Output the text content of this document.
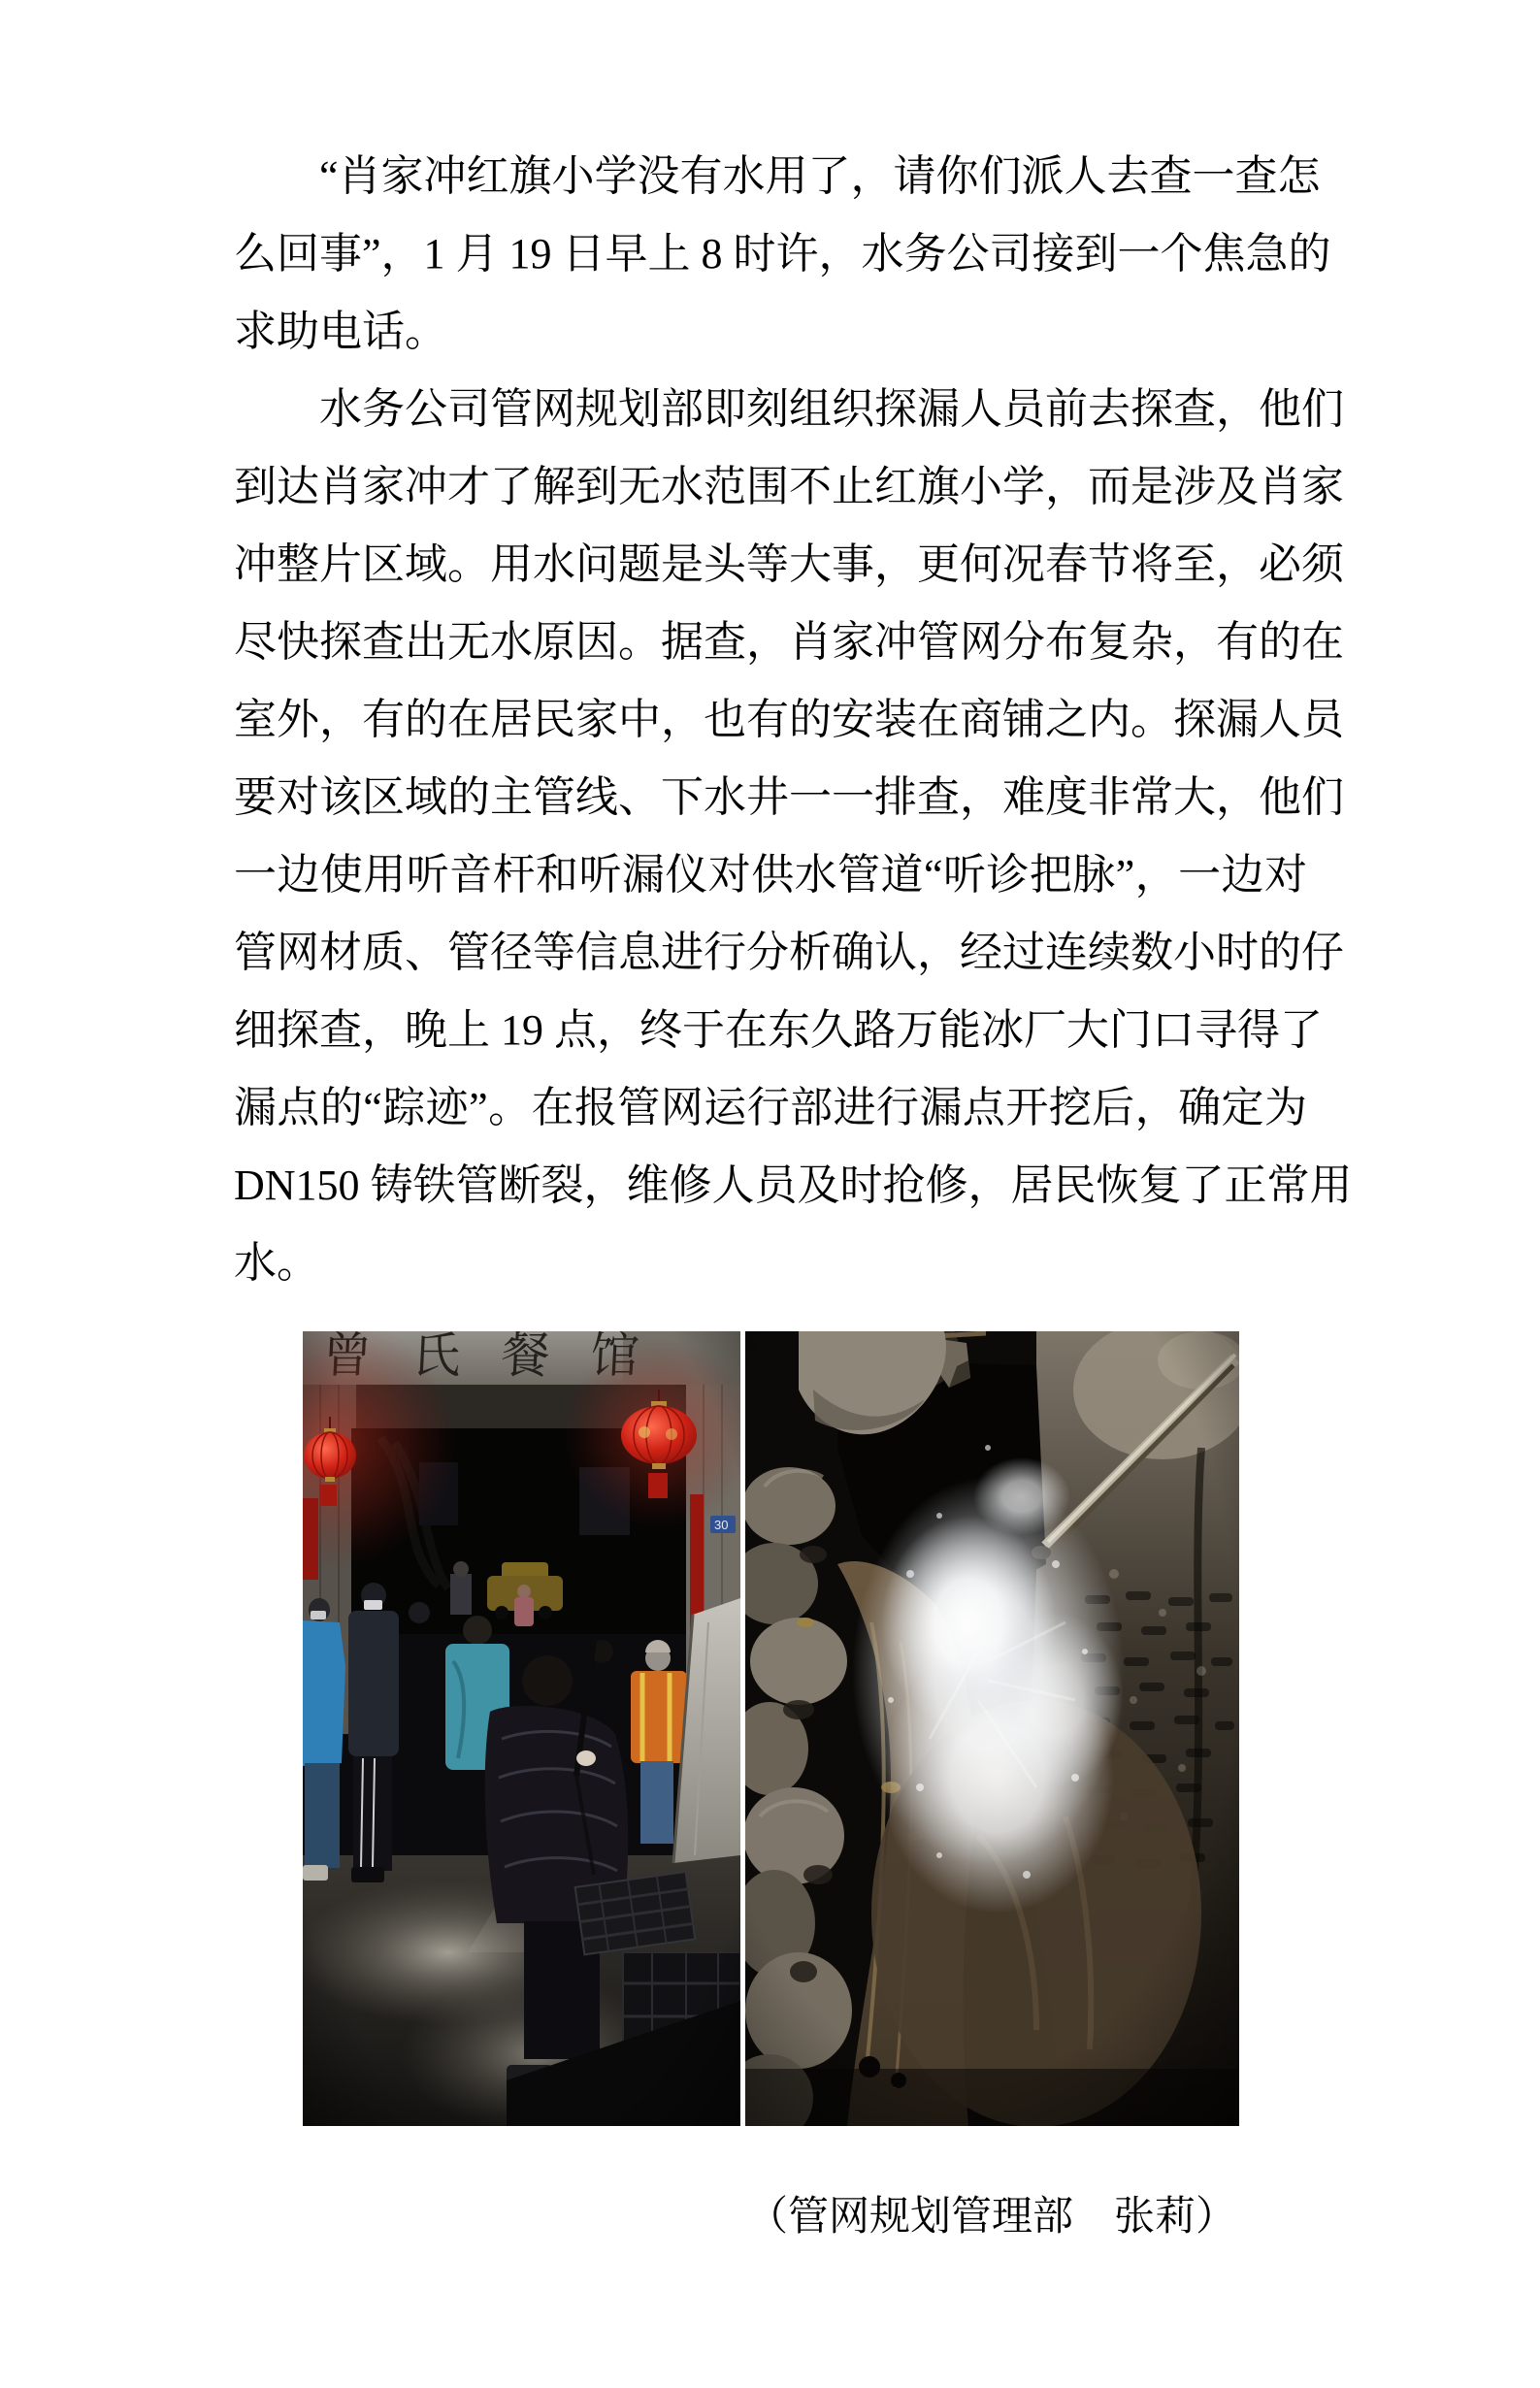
“肖家冲红旗小学没有水用了，请你们派人去查一查怎
么回事”，1 月 19 日早上 8 时许，水务公司接到一个焦急的
求助电话。
水务公司管网规划部即刻组织探漏人员前去探查，他们
到达肖家冲才了解到无水范围不止红旗小学，而是涉及肖家
冲整片区域。用水问题是头等大事，更何况春节将至，必须
尽快探查出无水原因。据查，肖家冲管网分布复杂，有的在
室外，有的在居民家中，也有的安装在商铺之内。探漏人员
要对该区域的主管线、下水井一一排查，难度非常大，他们
一边使用听音杆和听漏仪对供水管道“听诊把脉”，一边对
管网材质、管径等信息进行分析确认，经过连续数小时的仔
细探查，晚上 19 点，终于在东久路万能冰厂大门口寻得了
漏点的“踪迹”。在报管网运行部进行漏点开挖后，确定为
DN150 铸铁管断裂，维修人员及时抢修，居民恢复了正常用
水。
（管网规划管理部　张莉）
